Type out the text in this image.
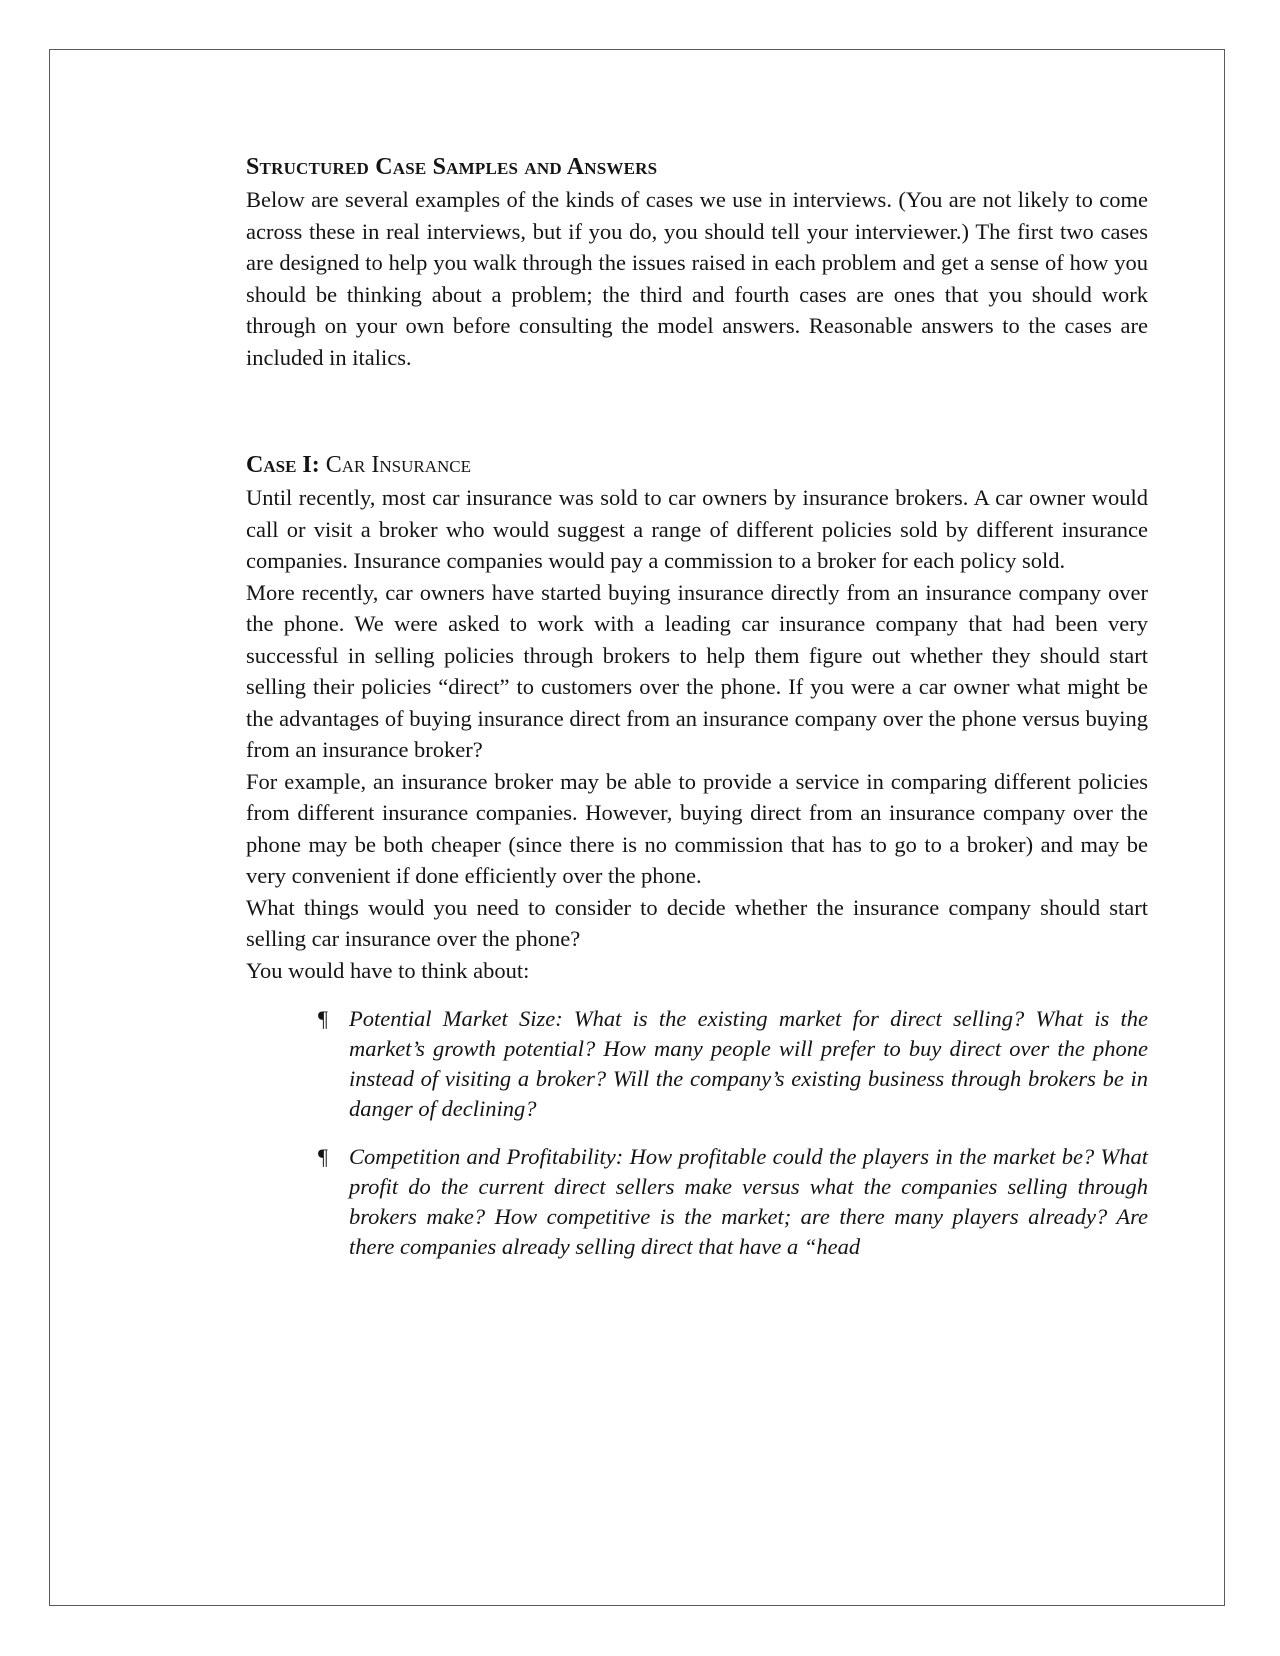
Structured Case Samples and Answers

Below are several examples of the kinds of cases we use in interviews. (You are not likely to come across these in real interviews, but if you do, you should tell your interviewer.) The first two cases are designed to help you walk through the issues raised in each problem and get a sense of how you should be thinking about a problem; the third and fourth cases are ones that you should work through on your own before consulting the model answers. Reasonable answers to the cases are included in italics.

Case I: Car Insurance

Until recently, most car insurance was sold to car owners by insurance brokers. A car owner would call or visit a broker who would suggest a range of different policies sold by different insurance companies. Insurance companies would pay a commission to a broker for each policy sold.

More recently, car owners have started buying insurance directly from an insurance company over the phone. We were asked to work with a leading car insurance company that had been very successful in selling policies through brokers to help them figure out whether they should start selling their policies “direct” to customers over the phone. If you were a car owner what might be the advantages of buying insurance direct from an insurance company over the phone versus buying from an insurance broker?

For example, an insurance broker may be able to provide a service in comparing different policies from different insurance companies. However, buying direct from an insurance company over the phone may be both cheaper (since there is no commission that has to go to a broker) and may be very convenient if done efficiently over the phone.

What things would you need to consider to decide whether the insurance company should start selling car insurance over the phone?

You would have to think about:

¶ Potential Market Size: What is the existing market for direct selling? What is the market’s growth potential? How many people will prefer to buy direct over the phone instead of visiting a broker? Will the company’s existing business through brokers be in danger of declining?
¶ Competition and Profitability: How profitable could the players in the market be? What profit do the current direct sellers make versus what the companies selling through brokers make? How competitive is the market; are there many players already? Are there companies already selling direct that have a “head
